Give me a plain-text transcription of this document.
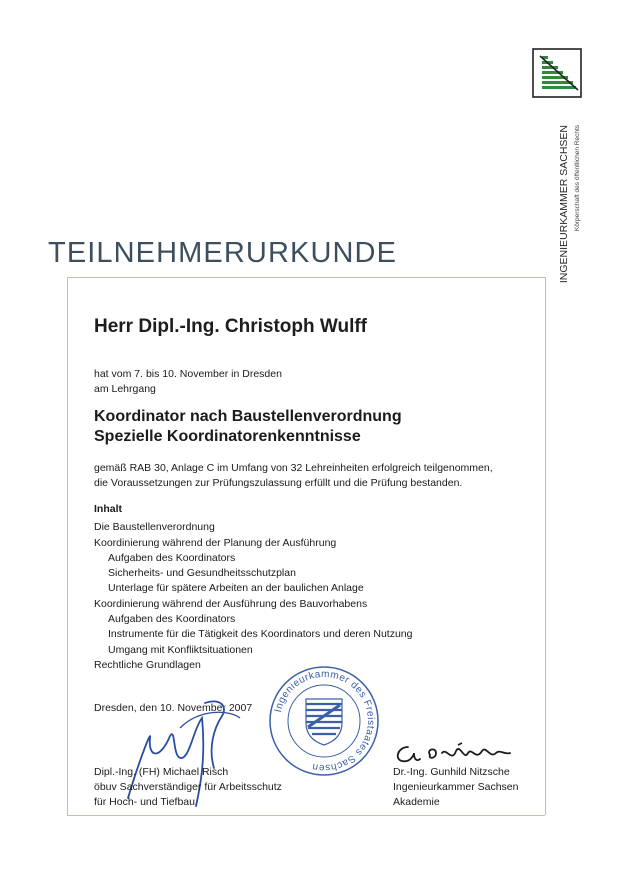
INGENIEURKAMMER SACHSEN Körperschaft des öffentlichen Rechts
TEILNEHMERURKUNDE
Herr Dipl.-Ing. Christoph Wulff
hat vom 7. bis 10. November in Dresden
am Lehrgang
Koordinator nach Baustellenverordnung
Spezielle Koordinatorenkenntnisse
gemäß RAB 30, Anlage C im Umfang von 32 Lehreinheiten erfolgreich teilgenommen,
die Voraussetzungen zur Prüfungszulassung erfüllt und die Prüfung bestanden.
Inhalt
Die Baustellenverordnung
Koordinierung während der Planung der Ausführung
Aufgaben des Koordinators
Sicherheits- und Gesundheitsschutzplan
Unterlage für spätere Arbeiten an der baulichen Anlage
Koordinierung während der Ausführung des Bauvorhabens
Aufgaben des Koordinators
Instrumente für die Tätigkeit des Koordinators und deren Nutzung
Umgang mit Konfliktsituationen
Rechtliche Grundlagen
Dresden, den 10. November 2007 Ingenieurkammer des Freistaates Sachsen
Dipl.-Ing. (FH) Michael Risch
öbuv Sachverständiger für Arbeitsschutz
für Hoch- und Tiefbau
Dr.-Ing. Gunhild Nitzsche
Ingenieurkammer Sachsen
Akademie
